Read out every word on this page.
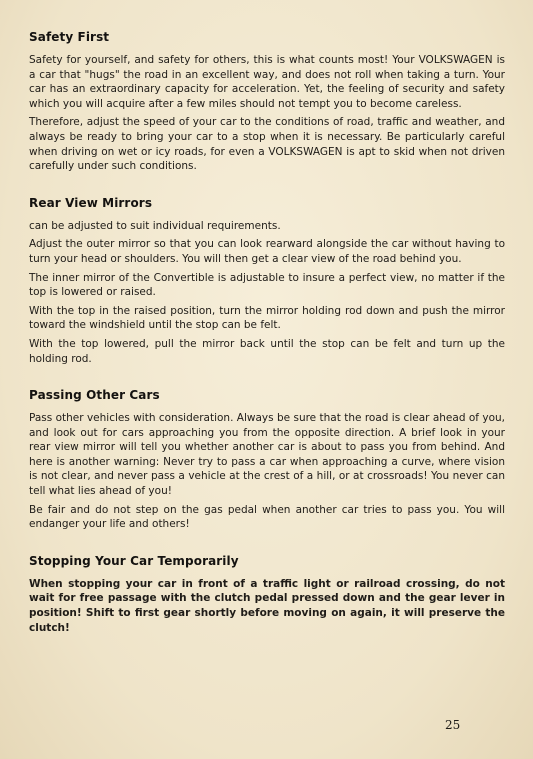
Safety First

Safety for yourself, and safety for others, this is what counts most! Your VOLKSWAGEN is a car that "hugs" the road in an excellent way, and does not roll when taking a turn. Your car has an extraordinary capacity for acceleration. Yet, the feeling of security and safety which you will acquire after a few miles should not tempt you to become careless.

Therefore, adjust the speed of your car to the conditions of road, traffic and weather, and always be ready to bring your car to a stop when it is necessary. Be particularly careful when driving on wet or icy roads, for even a VOLKSWAGEN is apt to skid when not driven carefully under such conditions.

Rear View Mirrors

can be adjusted to suit individual requirements.

Adjust the outer mirror so that you can look rearward alongside the car without having to turn your head or shoulders. You will then get a clear view of the road behind you.

The inner mirror of the Convertible is adjustable to insure a perfect view, no matter if the top is lowered or raised.

With the top in the raised position, turn the mirror holding rod down and push the mirror toward the windshield until the stop can be felt.

With the top lowered, pull the mirror back until the stop can be felt and turn up the holding rod.

Passing Other Cars

Pass other vehicles with consideration. Always be sure that the road is clear ahead of you, and look out for cars approaching you from the opposite direction. A brief look in your rear view mirror will tell you whether another car is about to pass you from behind. And here is another warning: Never try to pass a car when approaching a curve, where vision is not clear, and never pass a vehicle at the crest of a hill, or at crossroads! You never can tell what lies ahead of you!

Be fair and do not step on the gas pedal when another car tries to pass you. You will endanger your life and others!

Stopping Your Car Temporarily

When stopping your car in front of a traffic light or railroad crossing, do not wait for free passage with the clutch pedal pressed down and the gear lever in position! Shift to first gear shortly before moving on again, it will preserve the clutch!

25
